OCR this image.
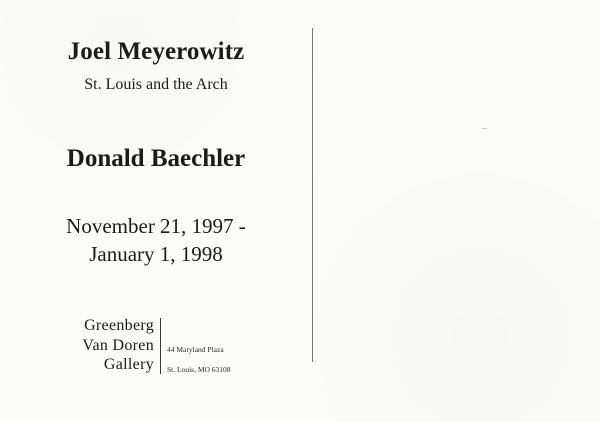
Joel Meyerowitz
St. Louis and the Arch
Donald Baechler
November 21, 1997 -
January 1, 1998
Greenberg
Van Doren
Gallery
44 Maryland Plaza
St. Louis, MO 63108
